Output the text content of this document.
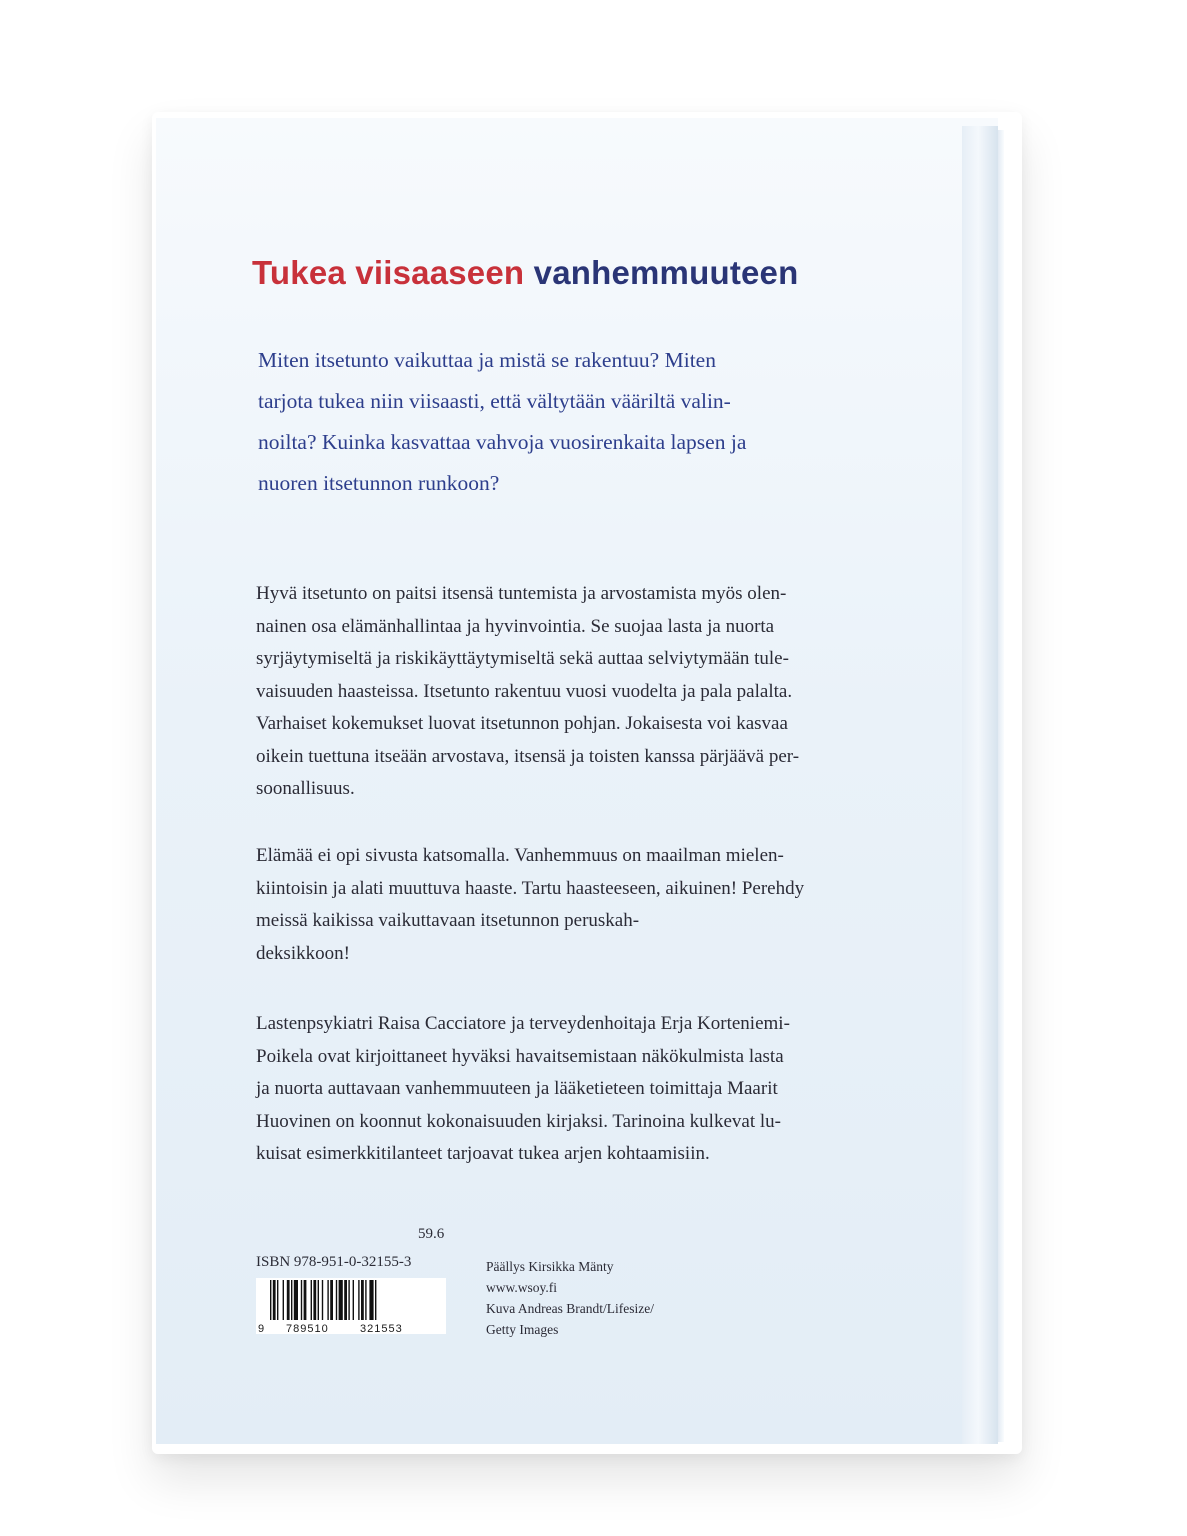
Tukea viisaaseen vanhemmuuteen
Miten itsetunto vaikuttaa ja mistä se rakentuu? Miten
tarjota tukea niin viisaasti, että vältytään vääriltä valin-
noilta? Kuinka kasvattaa vahvoja vuosirenkaita lapsen ja
nuoren itsetunnon runkoon?
Hyvä itsetunto on paitsi itsensä tuntemista ja arvostamista myös olen-
nainen osa elämänhallintaa ja hyvinvointia. Se suojaa lasta ja nuorta
syrjäytymiseltä ja riskikäyttäytymiseltä sekä auttaa selviytymään tule-
vaisuuden haasteissa. Itsetunto rakentuu vuosi vuodelta ja pala palalta.
Varhaiset kokemukset luovat itsetunnon pohjan. Jokaisesta voi kasvaa
oikein tuettuna itseään arvostava, itsensä ja toisten kanssa pärjäävä per-
soonallisuus.
Elämää ei opi sivusta katsomalla. Vanhemmuus on maailman mielen-
kiintoisin ja alati muuttuva haaste. Tartu haasteeseen, aikuinen! Perehdy
meissä kaikissa vaikuttavaan itsetunnon peruskah-
deksikkoon!
Lastenpsykiatri Raisa Cacciatore ja terveydenhoitaja Erja Korteniemi-
Poikela ovat kirjoittaneet hyväksi havaitsemistaan näkökulmista lasta
ja nuorta auttavaan vanhemmuuteen ja lääketieteen toimittaja Maarit
Huovinen on koonnut kokonaisuuden kirjaksi. Tarinoina kulkevat lu-
kuisat esimerkkitilanteet tarjoavat tukea arjen kohtaamisiin.
59.6
ISBN 978-951-0-32155-3
9 789510	321553
Päällys Kirsikka Mänty
www.wsoy.fi
Kuva Andreas Brandt/Lifesize/
Getty Images
